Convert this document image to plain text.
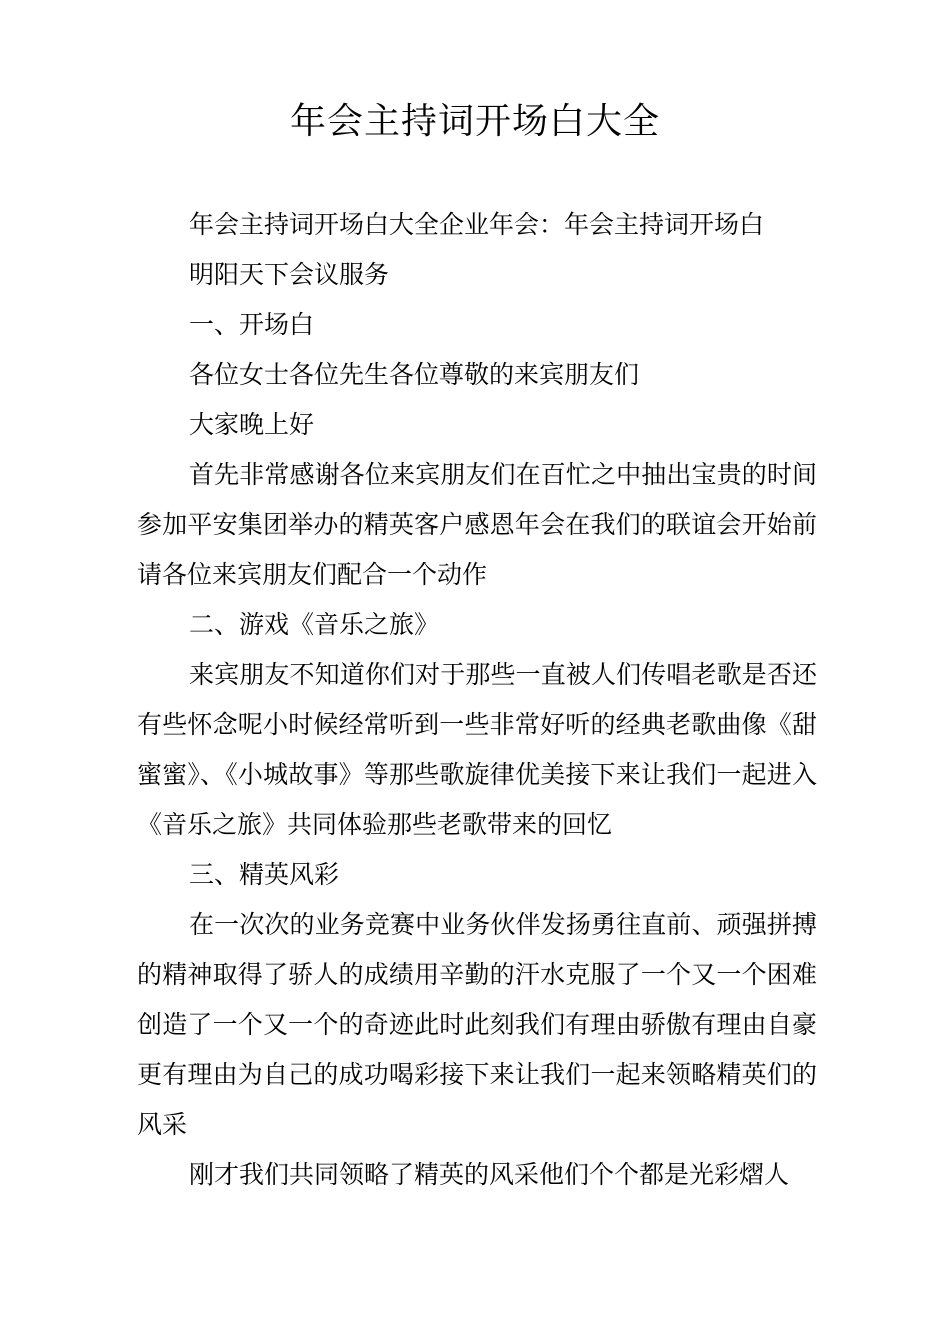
年会主持词开场白大全

年会主持词开场白大全企业年会：年会主持词开场白

明阳天下会议服务

一、开场白

各位女士各位先生各位尊敬的来宾朋友们

大家晚上好

首先非常感谢各位来宾朋友们在百忙之中抽出宝贵的时间参加平安集团举办的精英客户感恩年会在我们的联谊会开始前请各位来宾朋友们配合一个动作

二、游戏《音乐之旅》

来宾朋友不知道你们对于那些一直被人们传唱老歌是否还有些怀念呢小时候经常听到一些非常好听的经典老歌曲像《甜蜜蜜》、《小城故事》等那些歌旋律优美接下来让我们一起进入《音乐之旅》共同体验那些老歌带来的回忆

三、精英风彩

在一次次的业务竞赛中业务伙伴发扬勇往直前、顽强拼搏的精神取得了骄人的成绩用辛勤的汗水克服了一个又一个困难创造了一个又一个的奇迹此时此刻我们有理由骄傲有理由自豪更有理由为自己的成功喝彩接下来让我们一起来领略精英们的风采

刚才我们共同领略了精英的风采他们个个都是光彩熠人
